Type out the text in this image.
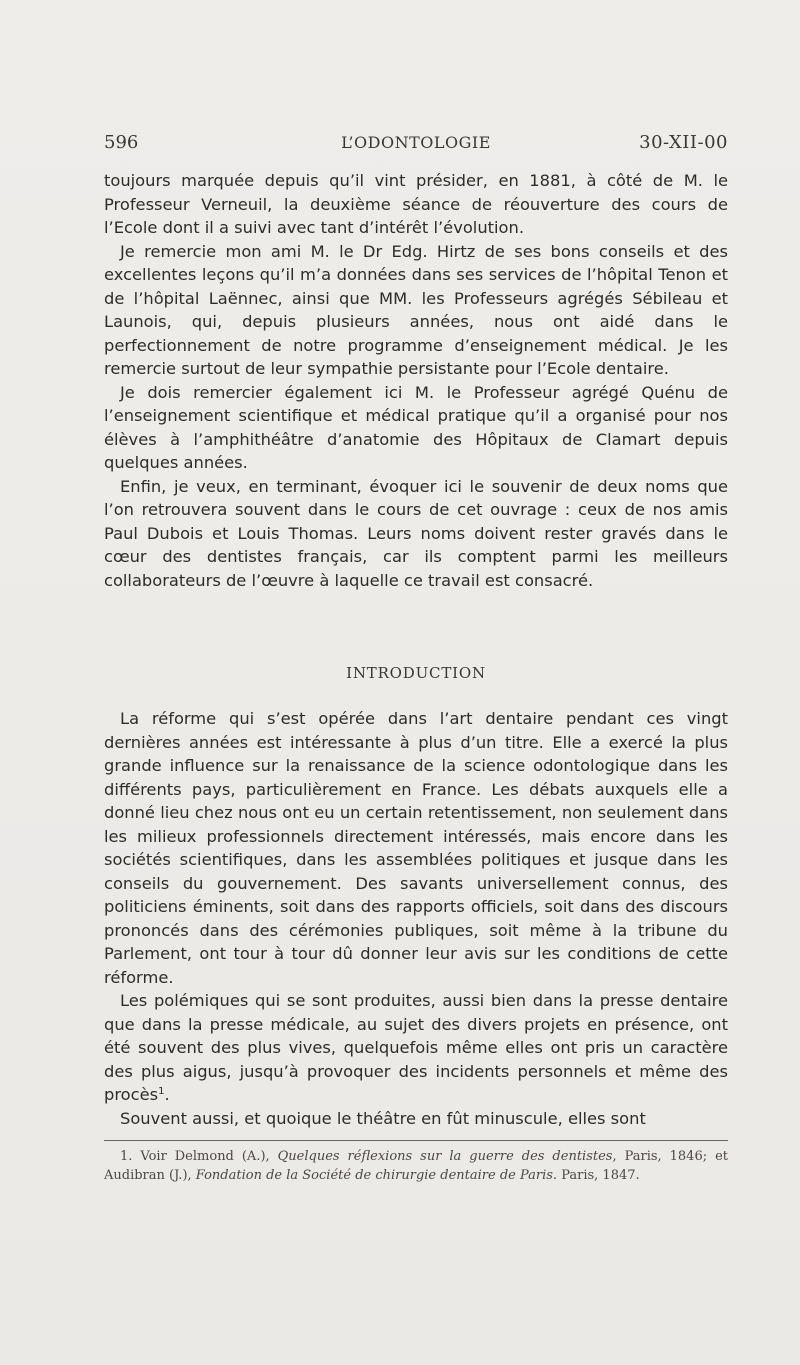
596	L’ODONTOLOGIE	30-XII-00

toujours marquée depuis qu’il vint présider, en 1881, à côté de M. le Professeur Verneuil, la deuxième séance de réouverture des cours de l’Ecole dont il a suivi avec tant d’intérêt l’évolution.

Je remercie mon ami M. le Dr Edg. Hirtz de ses bons conseils et des excellentes leçons qu’il m’a données dans ses services de l’hôpital Tenon et de l’hôpital Laënnec, ainsi que MM. les Professeurs agrégés Sébileau et Launois, qui, depuis plusieurs années, nous ont aidé dans le perfectionnement de notre programme d’enseignement médical. Je les remercie surtout de leur sympathie persistante pour l’Ecole dentaire.

Je dois remercier également ici M. le Professeur agrégé Quénu de l’enseignement scientifique et médical pratique qu’il a organisé pour nos élèves à l’amphithéâtre d’anatomie des Hôpitaux de Clamart depuis quelques années.

Enfin, je veux, en terminant, évoquer ici le souvenir de deux noms que l’on retrouvera souvent dans le cours de cet ouvrage : ceux de nos amis Paul Dubois et Louis Thomas. Leurs noms doivent rester gravés dans le cœur des dentistes français, car ils comptent parmi les meilleurs collaborateurs de l’œuvre à laquelle ce travail est consacré.

INTRODUCTION

La réforme qui s’est opérée dans l’art dentaire pendant ces vingt dernières années est intéressante à plus d’un titre. Elle a exercé la plus grande influence sur la renaissance de la science odontologique dans les différents pays, particulièrement en France. Les débats auxquels elle a donné lieu chez nous ont eu un certain retentissement, non seulement dans les milieux professionnels directement intéressés, mais encore dans les sociétés scientifiques, dans les assemblées politiques et jusque dans les conseils du gouvernement. Des savants universellement connus, des politiciens éminents, soit dans des rapports officiels, soit dans des discours prononcés dans des cérémonies publiques, soit même à la tribune du Parlement, ont tour à tour dû donner leur avis sur les conditions de cette réforme.

Les polémiques qui se sont produites, aussi bien dans la presse dentaire que dans la presse médicale, au sujet des divers projets en présence, ont été souvent des plus vives, quelquefois même elles ont pris un caractère des plus aigus, jusqu’à provoquer des incidents personnels et même des procès$^1$.

Souvent aussi, et quoique le théâtre en fût minuscule, elles sont

1. Voir Delmond (A.), Quelques réflexions sur la guerre des dentistes, Paris, 1846; et Audibran (J.), Fondation de la Société de chirurgie dentaire de Paris. Paris, 1847.
